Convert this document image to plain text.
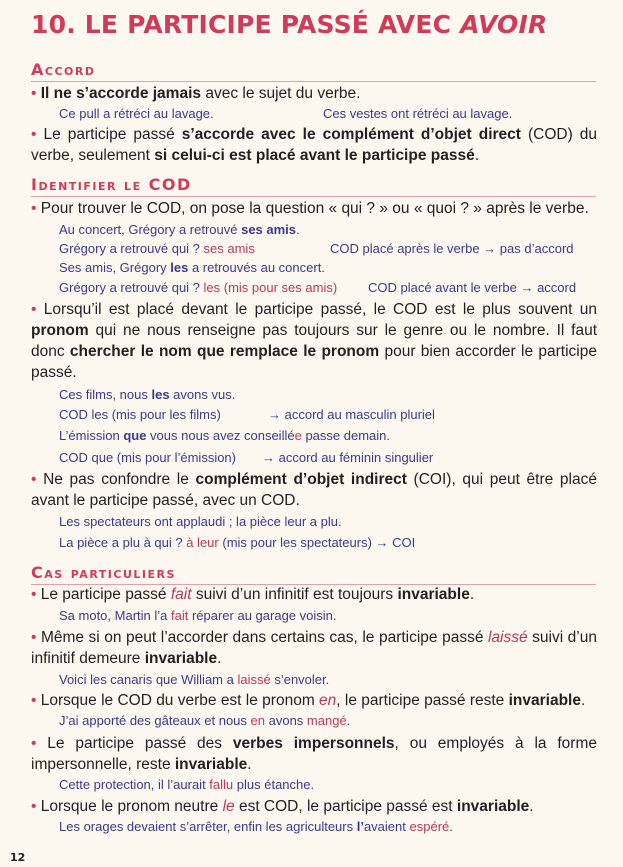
10. LE PARTICIPE PASSÉ AVEC AVOIR
Accord

• Il ne s’accorde jamais avec le sujet du verbe.

Ce pull a rétréci au lavage.	Ces vestes ont rétréci au lavage.

• Le participe passé s’accorde avec le complément d’objet direct (COD) du verbe, seulement si celui-ci est placé avant le participe passé.

Identifier le COD

• Pour trouver le COD, on pose la question « qui ? » ou « quoi ? » après le verbe.

Au concert, Grégory a retrouvé ses amis.

Grégory a retrouvé qui ? ses amis	COD placé après le verbe → pas d’accord

Ses amis, Grégory les a retrouvés au concert.

Grégory a retrouvé qui ? les (mis pour ses amis) COD placé avant le verbe → accord

• Lorsqu’il est placé devant le participe passé, le COD est le plus souvent un pronom qui ne nous renseigne pas toujours sur le genre ou le nombre. Il faut donc chercher le nom que remplace le pronom pour bien accorder le participe passé.

Ces films, nous les avons vus.

COD les (mis pour les films)	→ accord au masculin pluriel

L’émission que vous nous avez conseillée passe demain.

COD que (mis pour l’émission) → accord au féminin singulier

• Ne pas confondre le complément d’objet indirect (COI), qui peut être placé avant le participe passé, avec un COD.

Les spectateurs ont applaudi ; la pièce leur a plu.

La pièce a plu à qui ? à leur (mis pour les spectateurs) → COI

Cas particuliers

• Le participe passé fait suivi d’un infinitif est toujours invariable.

Sa moto, Martin l’a fait réparer au garage voisin.

• Même si on peut l’accorder dans certains cas, le participe passé laissé suivi d’un infinitif demeure invariable.

Voici les canaris que William a laissé s’envoler.

• Lorsque le COD du verbe est le pronom en, le participe passé reste invariable.

J’ai apporté des gâteaux et nous en avons mangé.

• Le participe passé des verbes impersonnels, ou employés à la forme impersonnelle, reste invariable.

Cette protection, il l’aurait fallu plus étanche.

• Lorsque le pronom neutre le est COD, le participe passé est invariable.

Les orages devaient s’arrêter, enfin les agriculteurs l’avaient espéré.

12
